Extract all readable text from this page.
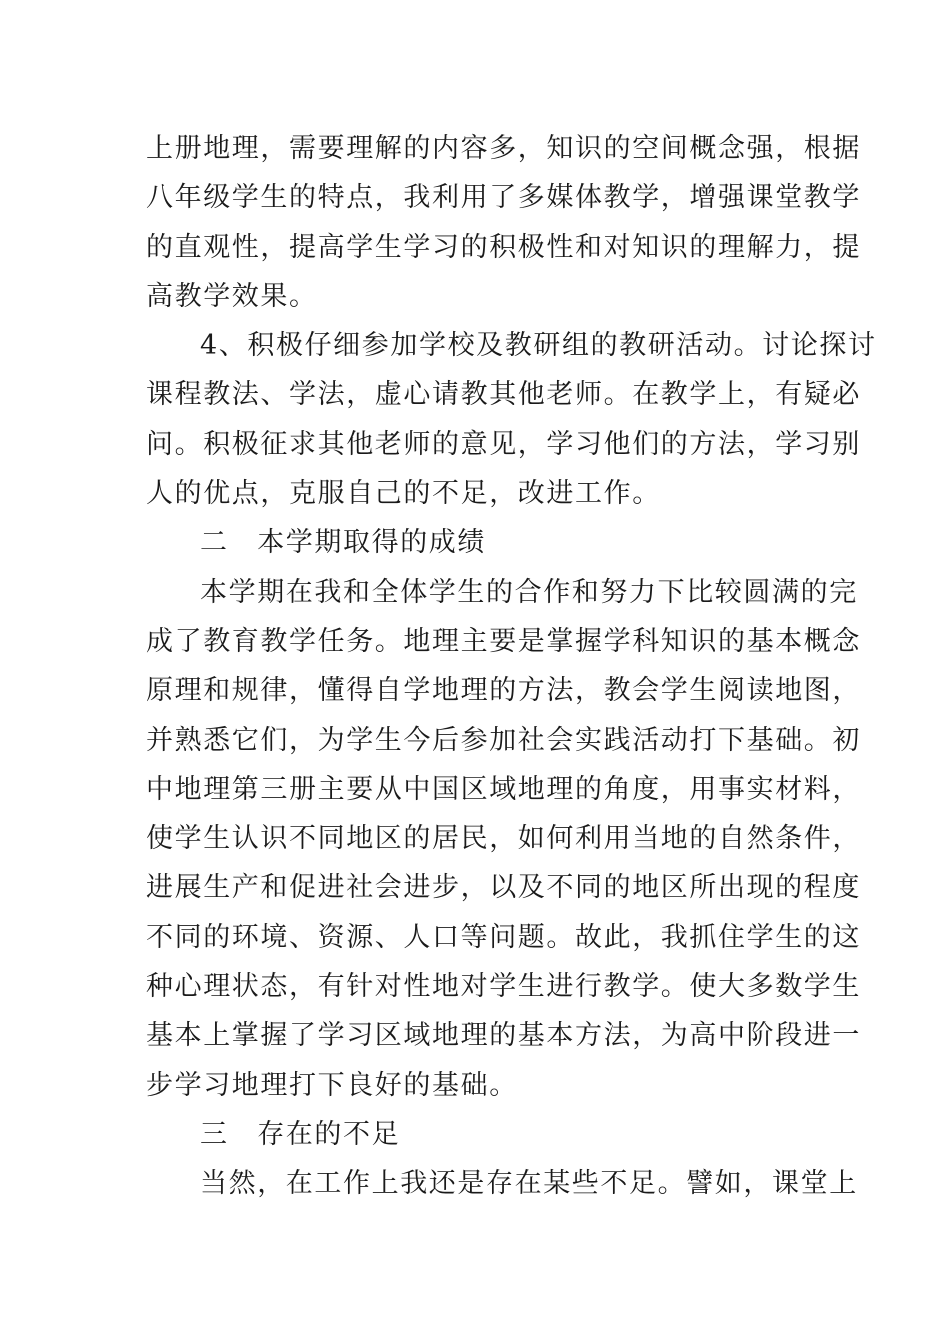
上册地理，需要理解的内容多，知识的空间概念强，根据
八年级学生的特点，我利用了多媒体教学，增强课堂教学
的直观性，提高学生学习的积极性和对知识的理解力，提
高教学效果。
4、积极仔细参加学校及教研组的教研活动。讨论探讨
课程教法、学法，虚心请教其他老师。在教学上，有疑必
问。积极征求其他老师的意见，学习他们的方法，学习别
人的优点，克服自己的不足，改进工作。
二　本学期取得的成绩
本学期在我和全体学生的合作和努力下比较圆满的完
成了教育教学任务。地理主要是掌握学科知识的基本概念
原理和规律，懂得自学地理的方法，教会学生阅读地图，
并熟悉它们，为学生今后参加社会实践活动打下基础。初
中地理第三册主要从中国区域地理的角度，用事实材料，
使学生认识不同地区的居民，如何利用当地的自然条件，
进展生产和促进社会进步，以及不同的地区所出现的程度
不同的环境、资源、人口等问题。故此，我抓住学生的这
种心理状态，有针对性地对学生进行教学。使大多数学生
基本上掌握了学习区域地理的基本方法，为高中阶段进一
步学习地理打下良好的基础。
三　存在的不足
当然，在工作上我还是存在某些不足。譬如，课堂上
